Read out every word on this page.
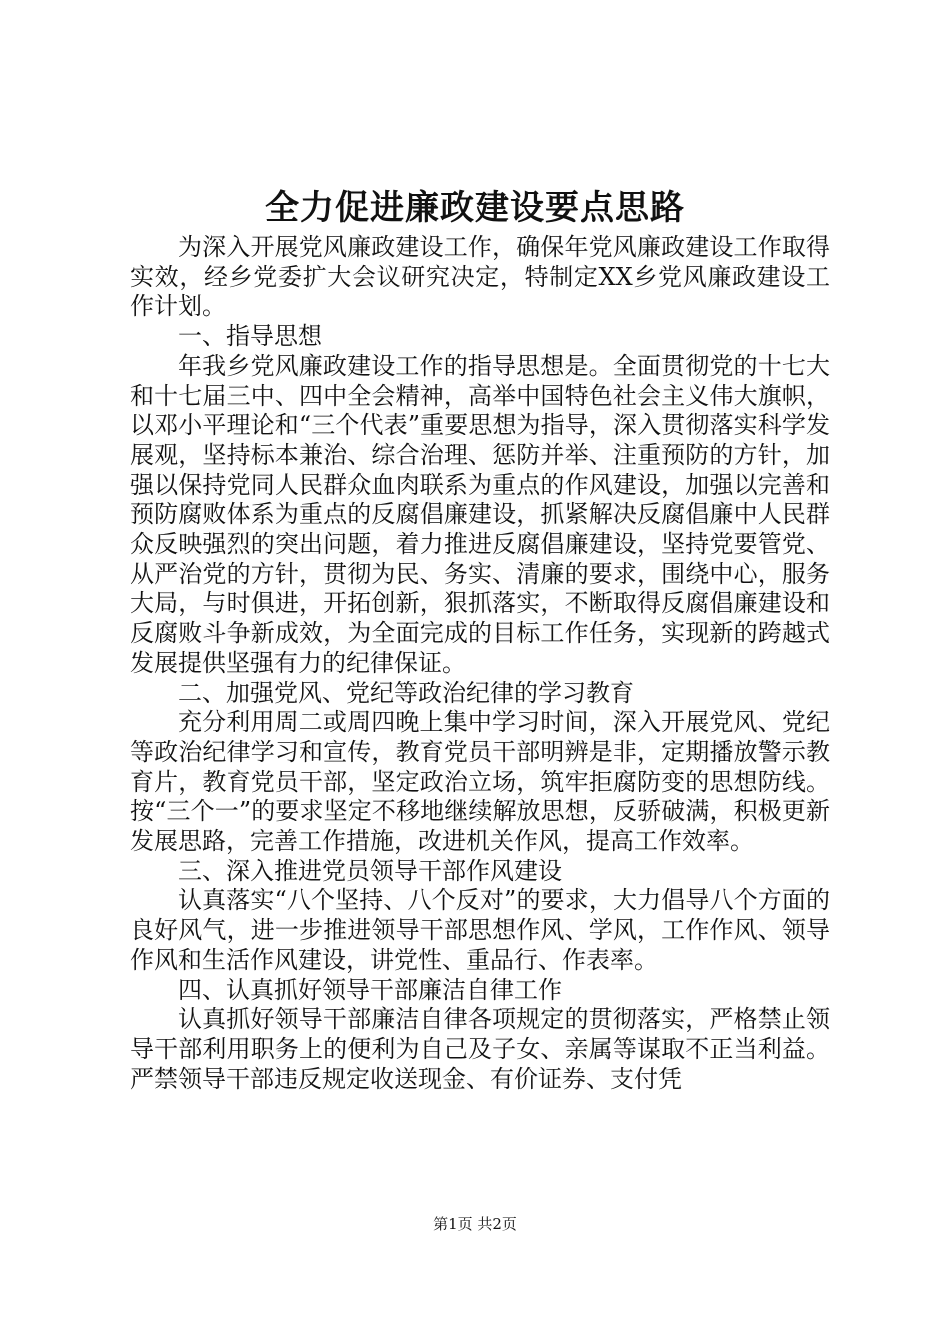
全力促进廉政建设要点思路

为深入开展党风廉政建设工作，确保年党风廉政建设工作取得实效，经乡党委扩大会议研究决定，特制定XX乡党风廉政建设工作计划。

一、指导思想

年我乡党风廉政建设工作的指导思想是。全面贯彻党的十七大和十七届三中、四中全会精神，高举中国特色社会主义伟大旗帜，以邓小平理论和“三个代表”重要思想为指导，深入贯彻落实科学发展观，坚持标本兼治、综合治理、惩防并举、注重预防的方针，加强以保持党同人民群众血肉联系为重点的作风建设，加强以完善和预防腐败体系为重点的反腐倡廉建设，抓紧解决反腐倡廉中人民群众反映强烈的突出问题，着力推进反腐倡廉建设，坚持党要管党、从严治党的方针，贯彻为民、务实、清廉的要求，围绕中心，服务大局，与时俱进，开拓创新，狠抓落实，不断取得反腐倡廉建设和反腐败斗争新成效，为全面完成的目标工作任务，实现新的跨越式发展提供坚强有力的纪律保证。

二、加强党风、党纪等政治纪律的学习教育

充分利用周二或周四晚上集中学习时间，深入开展党风、党纪等政治纪律学习和宣传，教育党员干部明辨是非，定期播放警示教育片，教育党员干部，坚定政治立场，筑牢拒腐防变的思想防线。按“三个一”的要求坚定不移地继续解放思想，反骄破满，积极更新发展思路，完善工作措施，改进机关作风，提高工作效率。

三、深入推进党员领导干部作风建设

认真落实“八个坚持、八个反对”的要求，大力倡导八个方面的良好风气，进一步推进领导干部思想作风、学风，工作作风、领导作风和生活作风建设，讲党性、重品行、作表率。

四、认真抓好领导干部廉洁自律工作

认真抓好领导干部廉洁自律各项规定的贯彻落实，严格禁止领导干部利用职务上的便利为自己及子女、亲属等谋取不正当利益。严禁领导干部违反规定收送现金、有价证券、支付凭

第1页 共2页
